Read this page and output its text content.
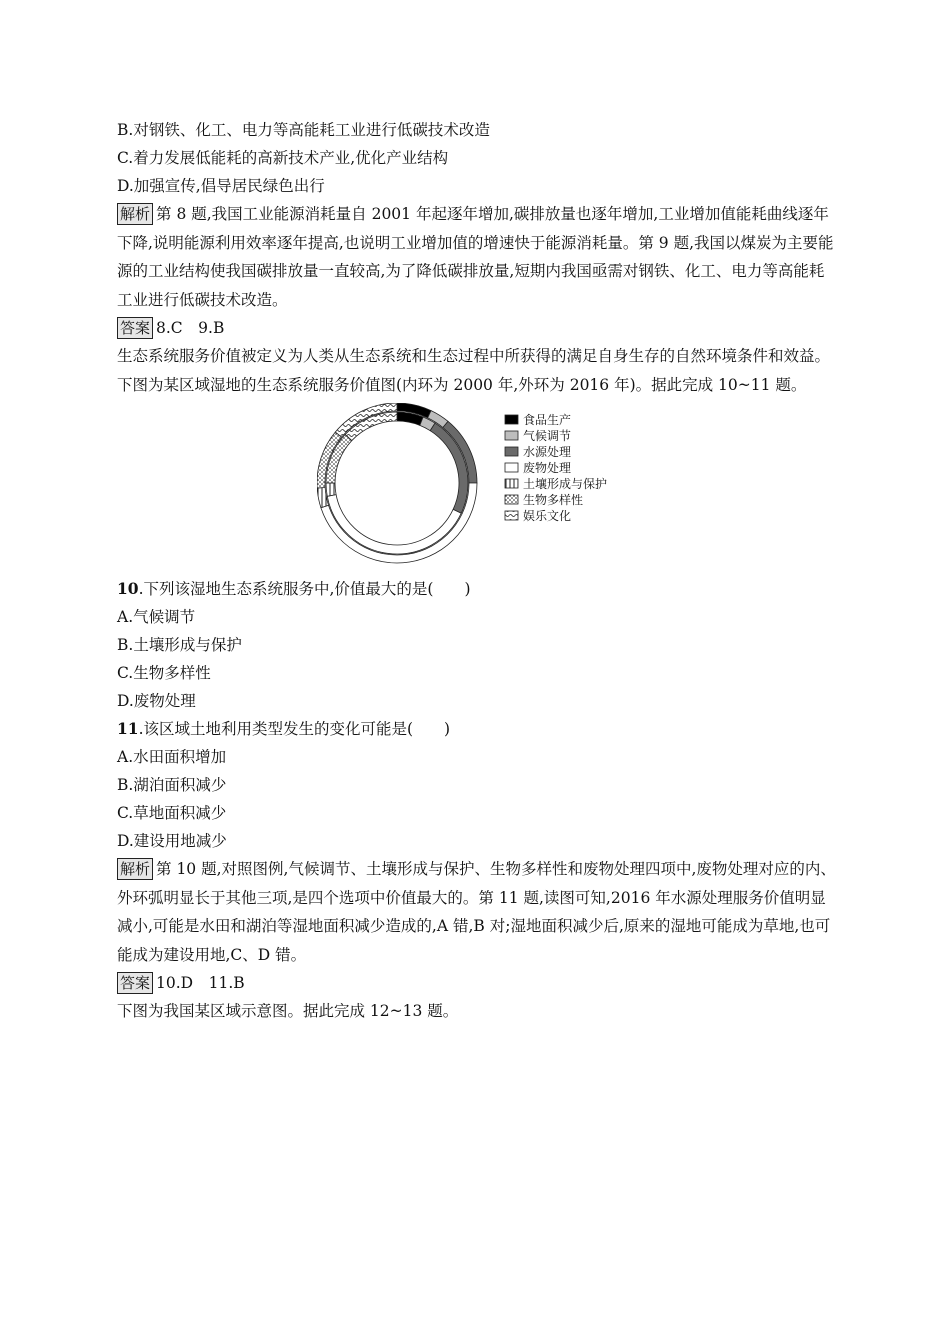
B.对钢铁、化工、电力等高能耗工业进行低碳技术改造
C.着力发展低能耗的高新技术产业,优化产业结构
D.加强宣传,倡导居民绿色出行
解析 第 8 题,我国工业能源消耗量自 2001 年起逐年增加,碳排放量也逐年增加,工业增加值能耗曲线逐年下降,说明能源利用效率逐年提高,也说明工业增加值的增速快于能源消耗量。第 9 题,我国以煤炭为主要能源的工业结构使我国碳排放量一直较高,为了降低碳排放量,短期内我国亟需对钢铁、化工、电力等高能耗工业进行低碳技术改造。
答案 8.C　9.B
生态系统服务价值被定义为人类从生态系统和生态过程中所获得的满足自身生存的自然环境条件和效益。下图为某区域湿地的生态系统服务价值图(内环为 2000 年,外环为 2016 年)。据此完成 10~11 题。
食品生产
气候调节
水源处理
废物处理
土壤形成与保护
生物多样性
娱乐文化
10.下列该湿地生态系统服务中,价值最大的是(　　)
A.气候调节
B.土壤形成与保护
C.生物多样性
D.废物处理
11.该区域土地利用类型发生的变化可能是(　　)
A.水田面积增加
B.湖泊面积减少
C.草地面积减少
D.建设用地减少
解析 第 10 题,对照图例,气候调节、土壤形成与保护、生物多样性和废物处理四项中,废物处理对应的内、外环弧明显长于其他三项,是四个选项中价值最大的。第 11 题,读图可知,2016 年水源处理服务价值明显减小,可能是水田和湖泊等湿地面积减少造成的,A 错,B 对;湿地面积减少后,原来的湿地可能成为草地,也可能成为建设用地,C、D 错。
答案 10.D　11.B
下图为我国某区域示意图。据此完成 12~13 题。
